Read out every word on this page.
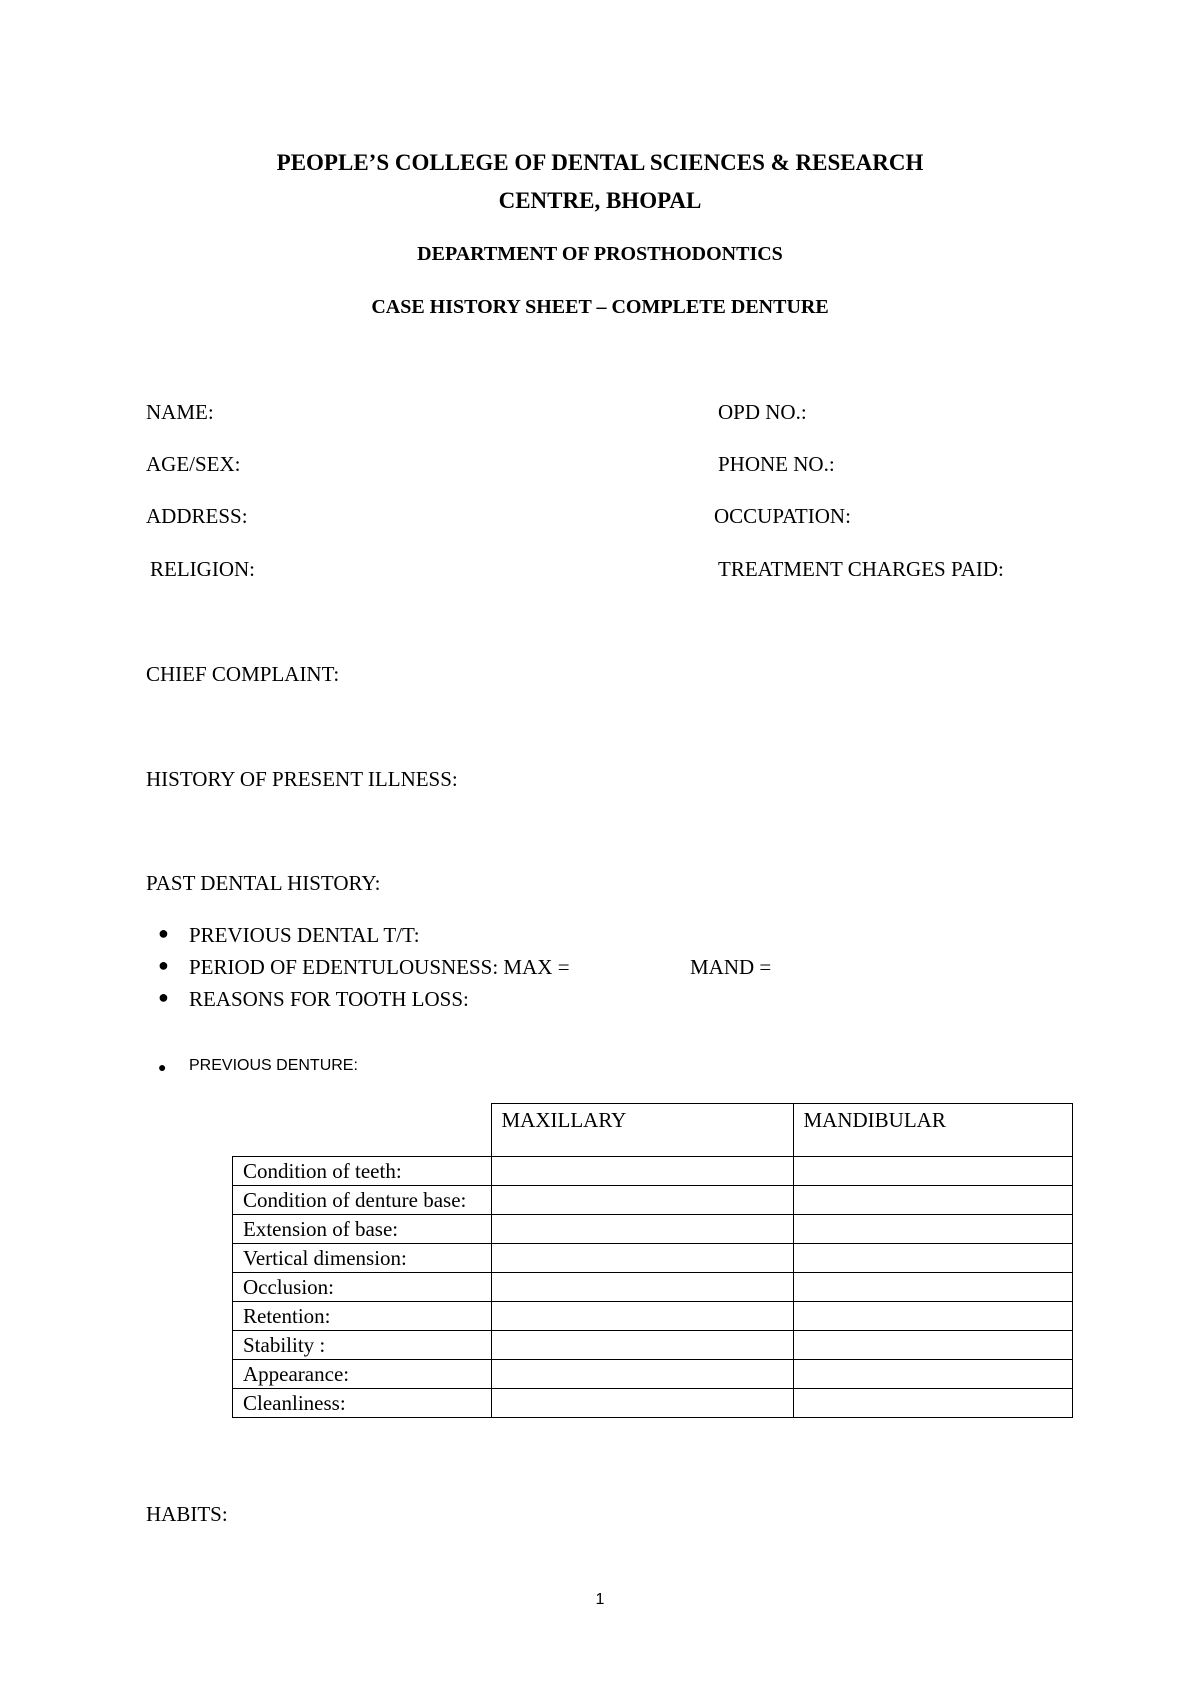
PEOPLE’S COLLEGE OF DENTAL SCIENCES & RESEARCH
CENTRE, BHOPAL
DEPARTMENT OF PROSTHODONTICS
CASE HISTORY SHEET – COMPLETE DENTURE
NAME:	OPD NO.:
AGE/SEX:	PHONE NO.:
ADDRESS:	OCCUPATION:
RELIGION:	TREATMENT CHARGES PAID:
CHIEF COMPLAINT:
HISTORY OF PRESENT ILLNESS:
PAST DENTAL HISTORY:
● PREVIOUS DENTAL T/T:
● PERIOD OF EDENTULOUSNESS: MAX =	MAND =
● REASONS FOR TOOTH LOSS:
● PREVIOUS DENTURE:
	MAXILLARY	MANDIBULAR
Condition of teeth:		
Condition of denture base:		
Extension of base:		
Vertical dimension:		
Occlusion:		
Retention:		
Stability :		
Appearance:		
Cleanliness:		
HABITS:
1
